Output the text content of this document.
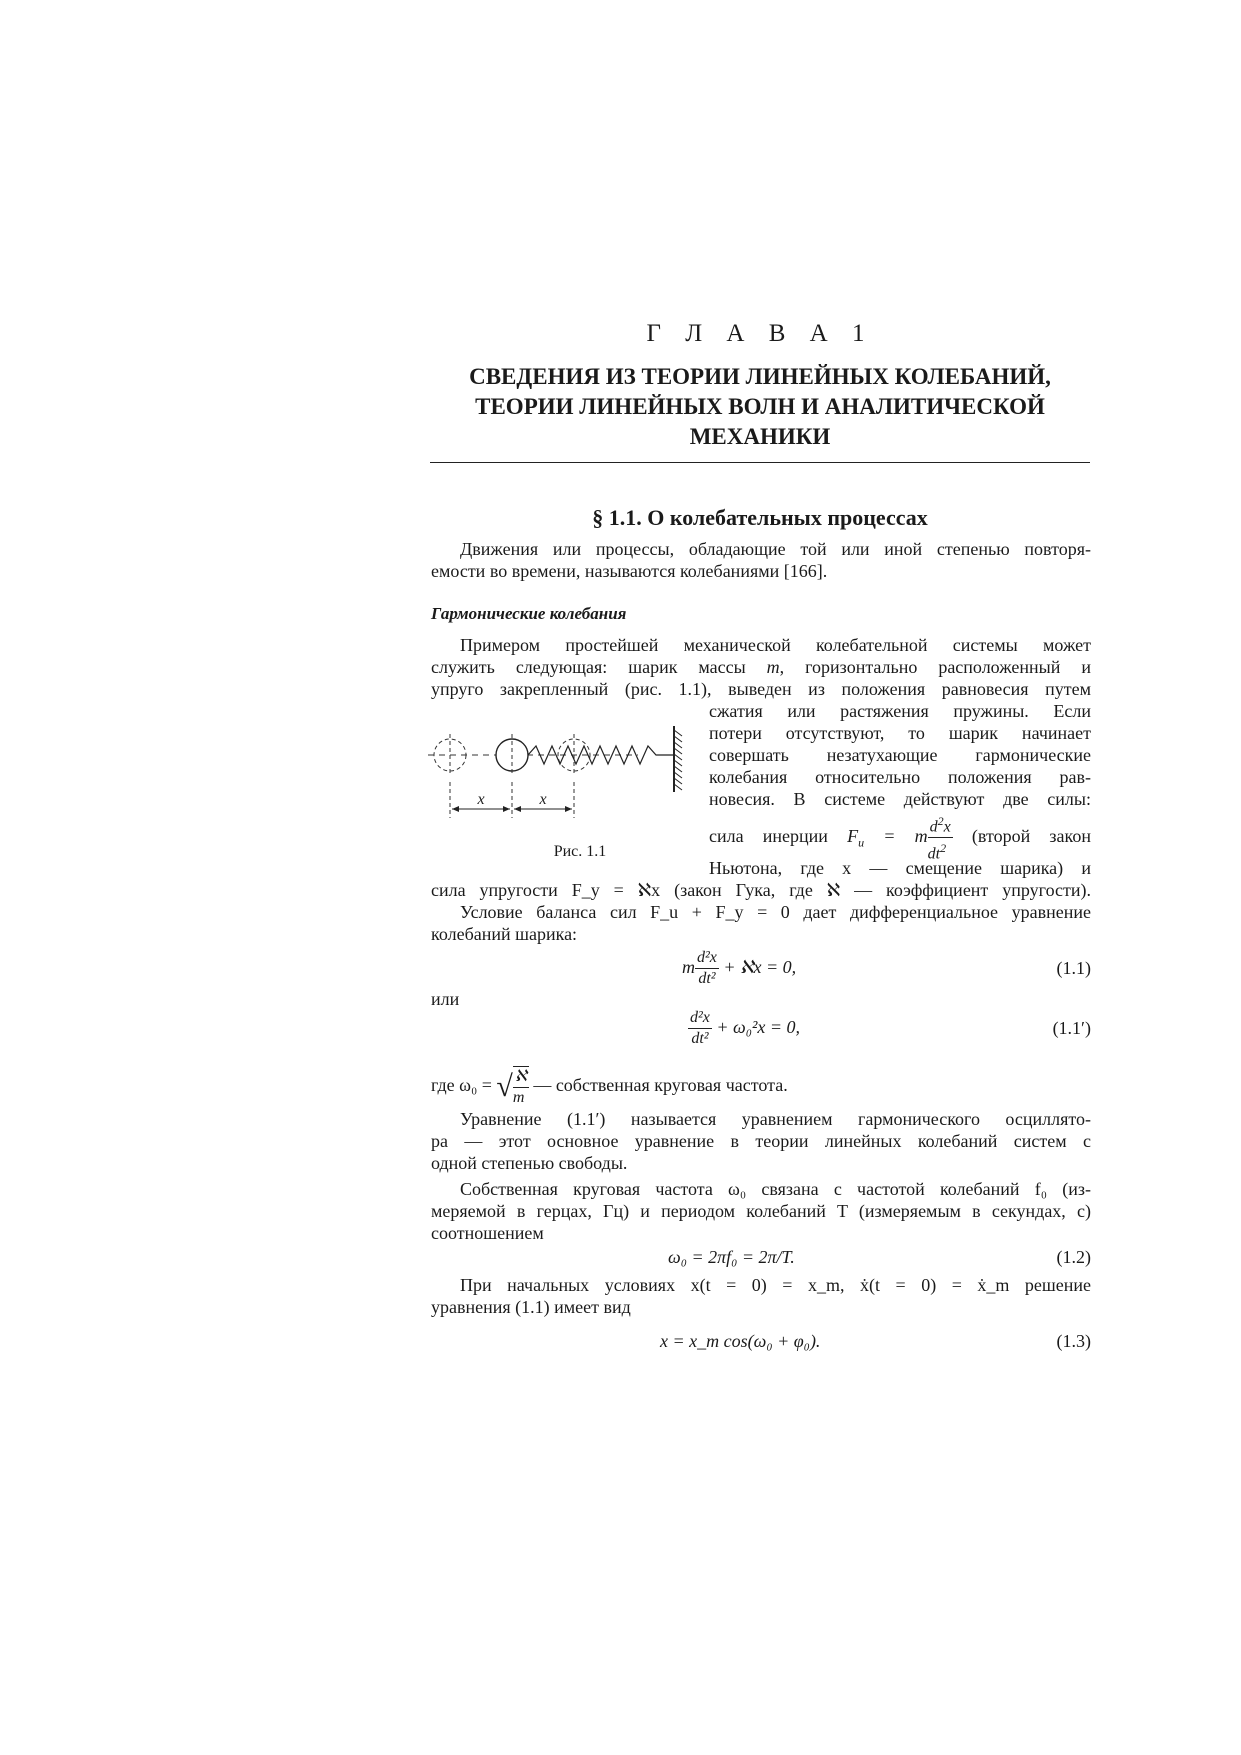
Г Л А В А 1
СВЕДЕНИЯ ИЗ ТЕОРИИ ЛИНЕЙНЫХ КОЛЕБАНИЙ,
ТЕОРИИ ЛИНЕЙНЫХ ВОЛН И АНАЛИТИЧЕСКОЙ
МЕХАНИКИ
§ 1.1. О колебательных процессах
Движения или процессы, обладающие той или иной степенью повторя-
емости во времени, называются колебаниями [166].
Гармонические колебания
Примером простейшей механической колебательной системы может
служить следующая: шарик массы m, горизонтально расположенный и
упруго закрепленный (рис. 1.1), выведен из положения равновесия путем
сжатия или растяжения пружины. Если
потери отсутствуют, то шарик начинает
совершать незатухающие гармонические
колебания относительно положения рав-
новесия. В системе действуют две силы:
сила инерции $F_u = m \frac{d^2x}{dt^2}$ (второй закон
Ньютона, где x — смещение шарика) и
x	x
Рис. 1.1
сила упругости F_y = ℵx (закон Гука, где ℵ — коэффициент упругости).
Условие баланса сил F_u + F_y = 0 дает дифференциальное уравнение
колебаний шарика:
m $\frac{\text{d²x}}{\text{dt²}}$ + ℵx = 0,	(1.1)
или
$\frac{\text{d²x}}{\text{dt²}} + \omega_0^2x = 0$,	(1.1′)
где ω₀ = √ $\frac{\text{ℵ}}{m}$ — собственная круговая частота.
Уравнение (1.1′) называется уравнением гармонического осциллято-
ра — этот основное уравнение в теории линейных колебаний систем с
одной степенью свободы.
Собственная круговая частота ω₀ связана с частотой колебаний f₀ (из-
меряемой в герцах, Гц) и периодом колебаний T (измеряемым в секундах, с)
соотношением
ω₀ = 2πf₀ = 2π/T.	(1.2)
При начальных условиях x(t = 0) = x_m, ẋ(t = 0) = ẋ_m решение
уравнения (1.1) имеет вид
x = x_m cos(ω₀ + φ₀).	(1.3)
